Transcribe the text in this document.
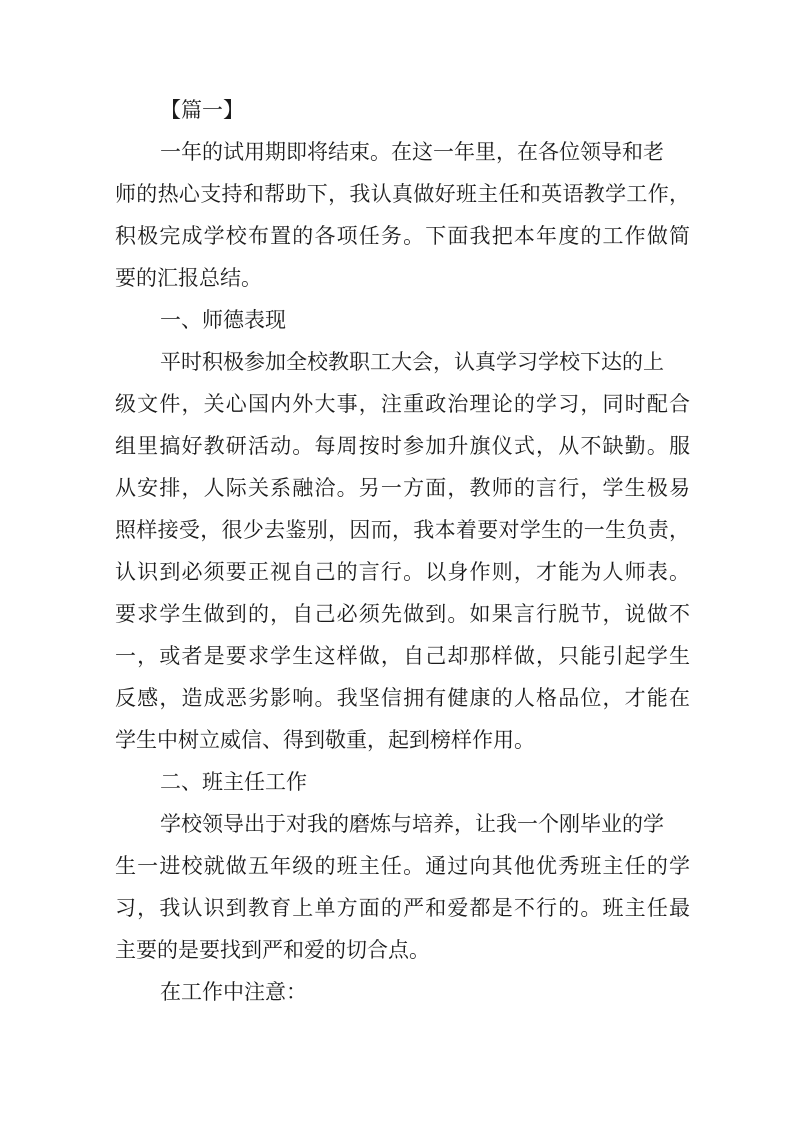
【篇一】
一年的试用期即将结束。在这一年里，在各位领导和老
师的热心支持和帮助下，我认真做好班主任和英语教学工作，
积极完成学校布置的各项任务。下面我把本年度的工作做简
要的汇报总结。
一、师德表现
平时积极参加全校教职工大会，认真学习学校下达的上
级文件，关心国内外大事，注重政治理论的学习，同时配合
组里搞好教研活动。每周按时参加升旗仪式，从不缺勤。服
从安排，人际关系融洽。另一方面，教师的言行，学生极易
照样接受，很少去鉴别，因而，我本着要对学生的一生负责，
认识到必须要正视自己的言行。以身作则，才能为人师表。
要求学生做到的，自己必须先做到。如果言行脱节，说做不
一，或者是要求学生这样做，自己却那样做，只能引起学生
反感，造成恶劣影响。我坚信拥有健康的人格品位，才能在
学生中树立威信、得到敬重，起到榜样作用。
二、班主任工作
学校领导出于对我的磨炼与培养，让我一个刚毕业的学
生一进校就做五年级的班主任。通过向其他优秀班主任的学
习，我认识到教育上单方面的严和爱都是不行的。班主任最
主要的是要找到严和爱的切合点。
在工作中注意：
